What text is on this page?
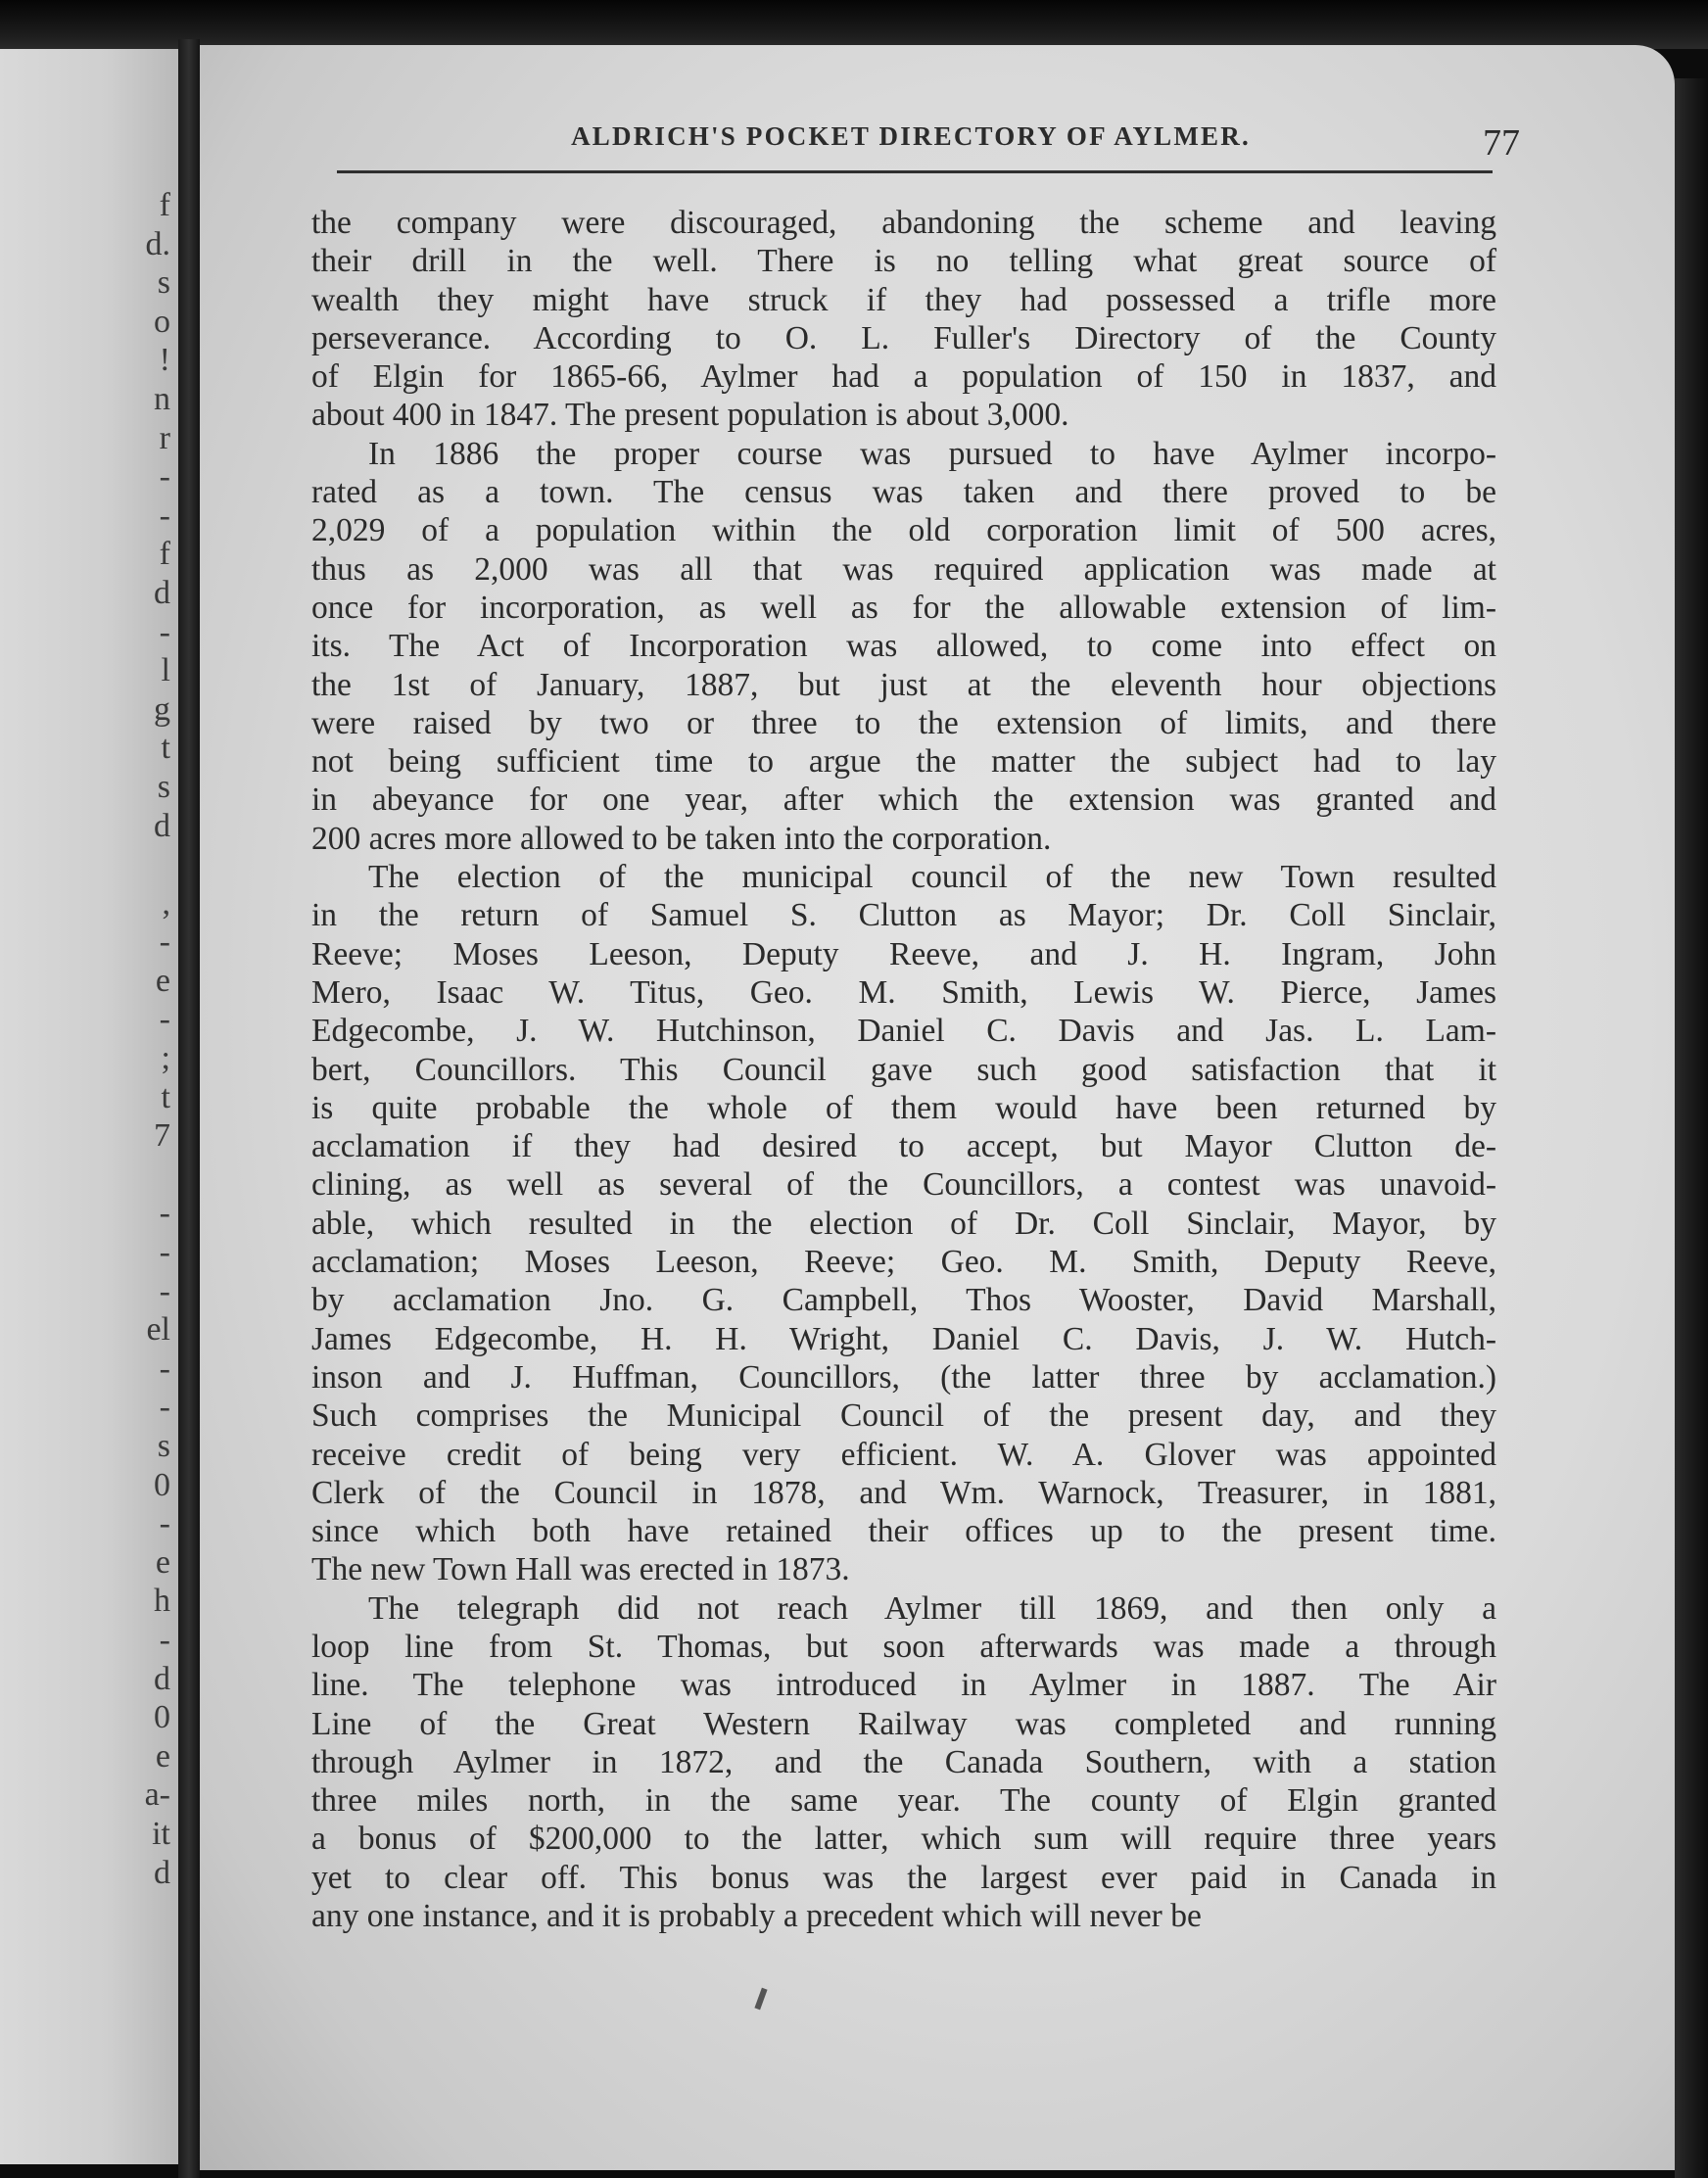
f
d.
s
o
!
n
r
-
-
f
d
-
l
g
t
s
d
,
-
e
-
;
t
7
-
-
-
el
-
-
s
0
-
e
h
-
d
0
e
a-
it
d
ALDRICH'S POCKET DIRECTORY OF AYLMER.	77
the company were discouraged, abandoning the scheme and leaving
their drill in the well. There is no telling what great source of
wealth they might have struck if they had possessed a trifle more
perseverance. According to O. L. Fuller's Directory of the County
of Elgin for 1865-66, Aylmer had a population of 150 in 1837, and
about 400 in 1847. The present population is about 3,000.
In 1886 the proper course was pursued to have Aylmer incorpo-
rated as a town. The census was taken and there proved to be
2,029 of a population within the old corporation limit of 500 acres,
thus as 2,000 was all that was required application was made at
once for incorporation, as well as for the allowable extension of lim-
its. The Act of Incorporation was allowed, to come into effect on
the 1st of January, 1887, but just at the eleventh hour objections
were raised by two or three to the extension of limits, and there
not being sufficient time to argue the matter the subject had to lay
in abeyance for one year, after which the extension was granted and
200 acres more allowed to be taken into the corporation.
The election of the municipal council of the new Town resulted
in the return of Samuel S. Clutton as Mayor; Dr. Coll Sinclair,
Reeve; Moses Leeson, Deputy Reeve, and J. H. Ingram, John
Mero, Isaac W. Titus, Geo. M. Smith, Lewis W. Pierce, James
Edgecombe, J. W. Hutchinson, Daniel C. Davis and Jas. L. Lam-
bert, Councillors. This Council gave such good satisfaction that it
is quite probable the whole of them would have been returned by
acclamation if they had desired to accept, but Mayor Clutton de-
clining, as well as several of the Councillors, a contest was unavoid-
able, which resulted in the election of Dr. Coll Sinclair, Mayor, by
acclamation; Moses Leeson, Reeve; Geo. M. Smith, Deputy Reeve,
by acclamation Jno. G. Campbell, Thos Wooster, David Marshall,
James Edgecombe, H. H. Wright, Daniel C. Davis, J. W. Hutch-
inson and J. Huffman, Councillors, (the latter three by acclamation.)
Such comprises the Municipal Council of the present day, and they
receive credit of being very efficient. W. A. Glover was appointed
Clerk of the Council in 1878, and Wm. Warnock, Treasurer, in 1881,
since which both have retained their offices up to the present time.
The new Town Hall was erected in 1873.
The telegraph did not reach Aylmer till 1869, and then only a
loop line from St. Thomas, but soon afterwards was made a through
line. The telephone was introduced in Aylmer in 1887. The Air
Line of the Great Western Railway was completed and running
through Aylmer in 1872, and the Canada Southern, with a station
three miles north, in the same year. The county of Elgin granted
a bonus of $200,000 to the latter, which sum will require three years
yet to clear off. This bonus was the largest ever paid in Canada in
any one instance, and it is probably a precedent which will never be
